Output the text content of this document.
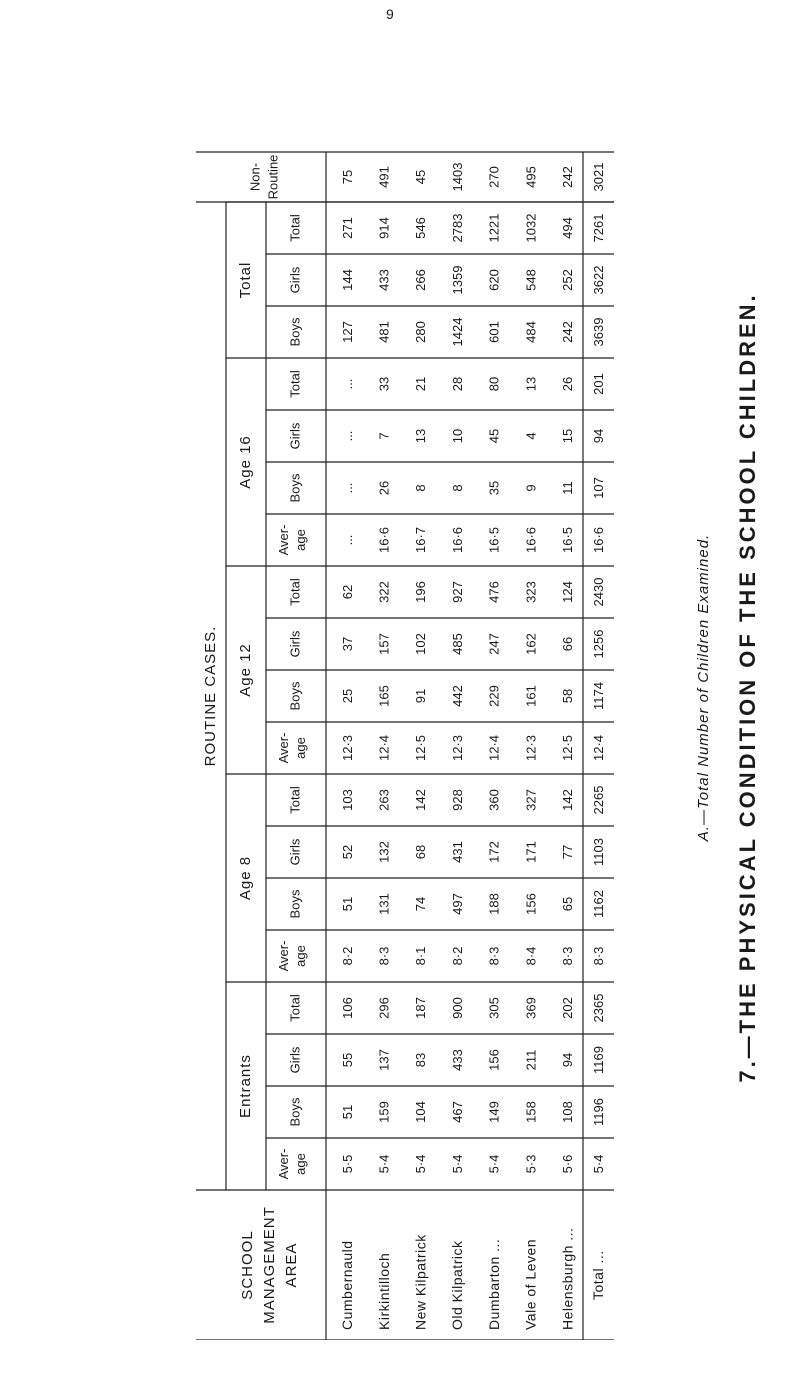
9
7.—THE PHYSICAL CONDITION OF THE SCHOOL CHILDREN.
A.—Total Number of Children Examined.
SCHOOL MANAGEMENT AREA
ROUTINE CASES.
Non- Routine
Entrants
Aver- age
Boys
Girls
Total
Age 8
Aver- age
Boys
Girls
Total
Age 12
Aver- age
Boys
Girls
Total
Age 16
Aver- age
Boys
Girls
Total
Total
Boys
Girls
Total
Cumbernauld
5·5
51
55
106
8·2
51
52
103
12·3
25
37
62
...
...
...
...
127
144
271
75
Kirkintilloch
5·4
159
137
296
8·3
131
132
263
12·4
165
157
322
16·6
26
7
33
481
433
914
491
New Kilpatrick
5·4
104
83
187
8·1
74
68
142
12·5
91
102
196
16·7
8
13
21
280
266
546
45
Old Kilpatrick
5·4
467
433
900
8·2
497
431
928
12·3
442
485
927
16·6
8
10
28
1424
1359
2783
1403
Dumbarton ...
5·4
149
156
305
8·3
188
172
360
12·4
229
247
476
16·5
35
45
80
601
620
1221
270
Vale of Leven
5·3
158
211
369
8·4
156
171
327
12·3
161
162
323
16·6
9
4
13
484
548
1032
495
Helensburgh ...
5·6
108
94
202
8·3
65
77
142
12·5
58
66
124
16·5
11
15
26
242
252
494
242
Total ...
5·4
1196
1169
2365
8·3
1162
1103
2265
12·4
1174
1256
2430
16·6
107
94
201
3639
3622
7261
3021
